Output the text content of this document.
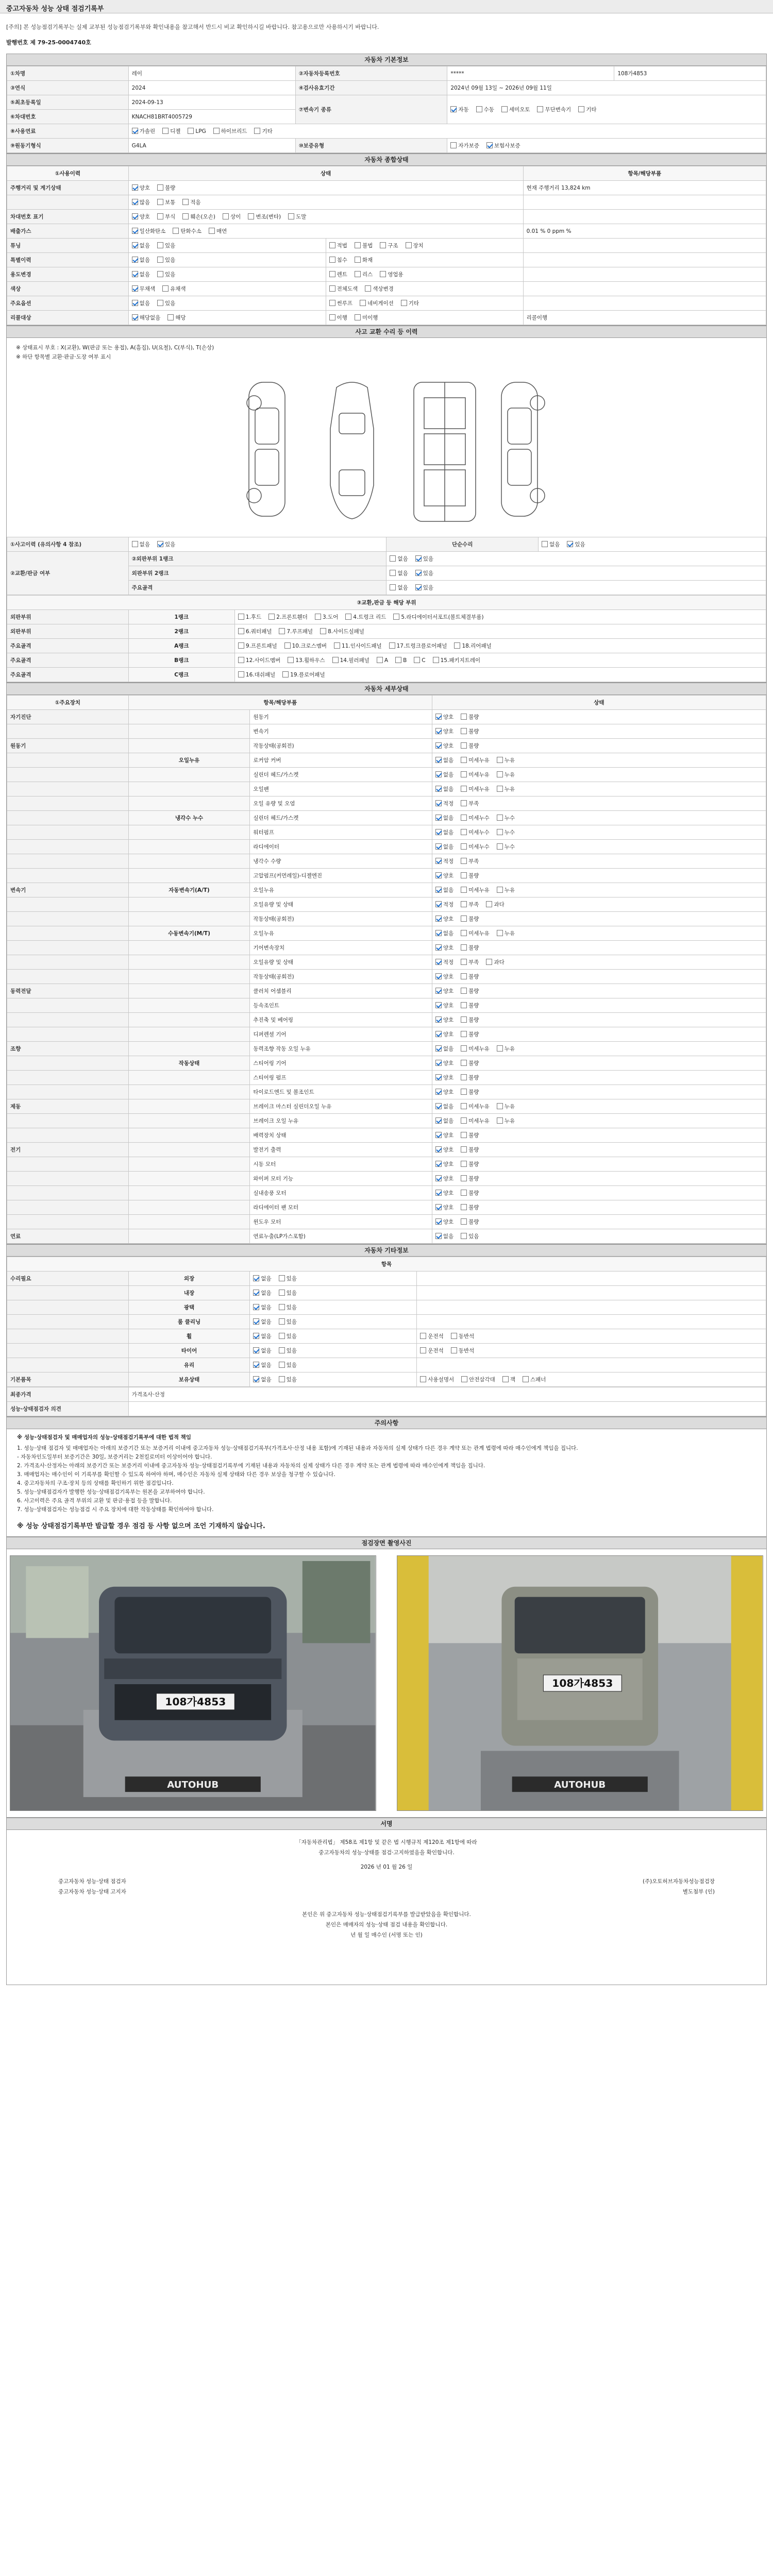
중고자동차 성능 상태 점검기록부
[주의] 본 성능점검기록부는 실제 교부된 성능점검기록부와 확인내용을 참고해서 반드시 비교 확인하시길 바랍니다. 참고용으로만 사용하시기 바랍니다.
발행번호 제 79-25-0004740호
자동차 기본정보
①차명	레이	②자동차등록번호	*****	108가4853
③연식	2024	④검사유효기간	2024년 09월 13일 ~ 2026년 09월 11일	
⑤최초등록일	2024-09-13	⑦변속기 종류	자동 수동 세미오토 무단변속기 기타	
⑥차대번호	KNACH81BRT4005729			
⑧사용연료	가솔린 디젤 LPG 하이브리드 기타			
⑨원동기형식	G4LA	⑩보증유형	자가보증 보험사보증	
자동차 종합상태
①사용이력	상태		항목/해당부품
주행거리 및 계기상태	양호 불량		현재 주행거리 13,824 km
	많음 보통 적음		
차대번호 표기	양호 부식 훼손(오손) 상이 변조(변타) 도말		
배출가스	일산화탄소 탄화수소 매연		0.01 % 0 ppm %
튜닝	없음 있음	적법 불법 구조 장치	
특별이력	없음 있음	침수 화재	
용도변경	없음 있음	렌트 리스 영업용	
색상	무채색 유채색	전체도색 색상변경	
주요옵션	없음 있음	썬루프 네비게이션 기타	
리콜대상	해당없음 해당	이행 미이행	리콜이행
사고 교환 수리 등 이력
※ 상태표시 부호 : X(교환), W(판금 또는 용접), A(흠집), U(요철), C(부식), T(손상)
※ 하단 항목별 교환·판금·도장 여부 표시
①사고이력 (유의사항 4 참조)	없음 있음	단순수리	없음 있음
②교환/판금 여부	②외판부위 1랭크	없음 있음	
	외판부위 2랭크	없음 있음	
	주요골격	없음 있음	
③교환,판금 등 해당 부위		
외판부위	1랭크	1.후드 2.프론트휀더 3.도어 4.트렁크 리드 5.라디에이터서포트(볼트체결부품)
외판부위	2랭크	6.쿼터패널 7.루프패널 8.사이드실패널
주요골격	A랭크	9.프론트패널 10.크로스멤버 11.인사이드패널 17.트렁크플로어패널 18.리어패널
주요골격	B랭크	12.사이드멤버 13.휠하우스 14.필러패널 A B C 15.패키지트레이
주요골격	C랭크	16.대쉬패널 19.플로어패널
자동차 세부상태
①주요장치	항목/해당부품		상태
자기진단		원동기	양호 불량
		변속기	양호 불량
원동기		작동상태(공회전)	양호 불량
	오일누유	로커암 커버	없음 미세누유 누유
		실린더 헤드/가스켓	없음 미세누유 누유
		오일팬	없음 미세누유 누유
		오일 유량 및 오염	적정 부족
	냉각수 누수	실린더 헤드/가스켓	없음 미세누수 누수
		워터펌프	없음 미세누수 누수
		라디에이터	없음 미세누수 누수
		냉각수 수량	적정 부족
		고압펌프(커먼레일)-디젤엔진	양호 불량
변속기	자동변속기(A/T)	오일누유	없음 미세누유 누유
		오일유량 및 상태	적정 부족 과다
		작동상태(공회전)	양호 불량
	수동변속기(M/T)	오일누유	없음 미세누유 누유
		기어변속장치	양호 불량
		오일유량 및 상태	적정 부족 과다
		작동상태(공회전)	양호 불량
동력전달		클러치 어셈블리	양호 불량
		등속조인트	양호 불량
		추진축 및 베어링	양호 불량
		디퍼렌셜 기어	양호 불량
조향		동력조향 작동 오일 누유	없음 미세누유 누유
	작동상태	스티어링 기어	양호 불량
		스티어링 펌프	양호 불량
		타이로드엔드 및 볼조인트	양호 불량
제동		브레이크 마스터 실린더오일 누유	없음 미세누유 누유
		브레이크 오일 누유	없음 미세누유 누유
		배력장치 상태	양호 불량
전기		발전기 출력	양호 불량
		시동 모터	양호 불량
		와이퍼 모터 기능	양호 불량
		실내송풍 모터	양호 불량
		라디에이터 팬 모터	양호 불량
		윈도우 모터	양호 불량
연료		연료누출(LP가스포함)	없음 있음
자동차 기타정보
항목			
수리필요	외장	없음 있음	
	내장	없음 있음	
	광택	없음 있음	
	룸 클리닝	없음 있음	
	휠	없음 있음	운전석 동반석
	타이어	없음 있음	운전석 동반석
	유리	없음 있음	
기본품목	보유상태	없음 있음	사용설명서 안전삼각대 잭 스패너
최종가격	가격조사·산정
성능·상태점검자 의견	
주의사항
※ 성능·상태점검자 및 매매업자의 성능·상태점검기록부에 대한 법적 책임
1. 성능·상태 점검자 및 매매업자는 아래의 보증기간 또는 보증거리 이내에 중고자동차 성능·상태점검기록부(가격조사·산정 내용 포함)에 기재된 내용과 자동차의 실제 상태가 다른 경우 계약 또는 관계 법령에 따라 매수인에게 책임을 집니다.
- 자동차인도일부터 보증기간은 30일, 보증거리는 2천킬로미터 이상이어야 합니다.
2. 가격조사·산정자는 아래의 보증기간 또는 보증거리 이내에 중고자동차 성능·상태점검기록부에 기재된 내용과 자동차의 실제 상태가 다른 경우 계약 또는 관계 법령에 따라 매수인에게 책임을 집니다.
3. 매매업자는 매수인이 이 기록부를 확인할 수 있도록 하여야 하며, 매수인은 자동차 실제 상태와 다른 경우 보상을 청구할 수 있습니다.
4. 중고자동차의 구조·장치 등의 상태를 확인하기 위한 점검입니다.
5. 성능·상태점검자가 발행한 성능·상태점검기록부는 원본을 교부하여야 합니다.
6. 사고이력은 주요 골격 부위의 교환 및 판금·용접 등을 말합니다.
7. 성능·상태점검자는 성능점검 시 주요 장치에 대한 작동상태를 확인하여야 합니다.
※ 성능 상태점검기록부만 발급할 경우 점검 등 사항 없으며 조언 기재하지 않습니다.
점검장면 촬영사진
108가4853
AUTOHUB
108가4853
AUTOHUB
서명
「자동차관리법」 제58조 제1항 및 같은 법 시행규칙 제120조 제1항에 따라
중고자동차의 성능·상태를 점검·고지하였음을 확인합니다.
2026 년 01 월 26 일
중고자동차 성능·상태 점검자	(주)오토허브자동차성능점검장
중고자동차 성능·상태 고지자	별도첨부 (인)
본인은 위 중고자동차 성능·상태점검기록부를 발급받았음을 확인합니다.
본인은 매매자의 성능·상태 점검 내용을 확인합니다.
년 월 일 매수인 (서명 또는 인)
